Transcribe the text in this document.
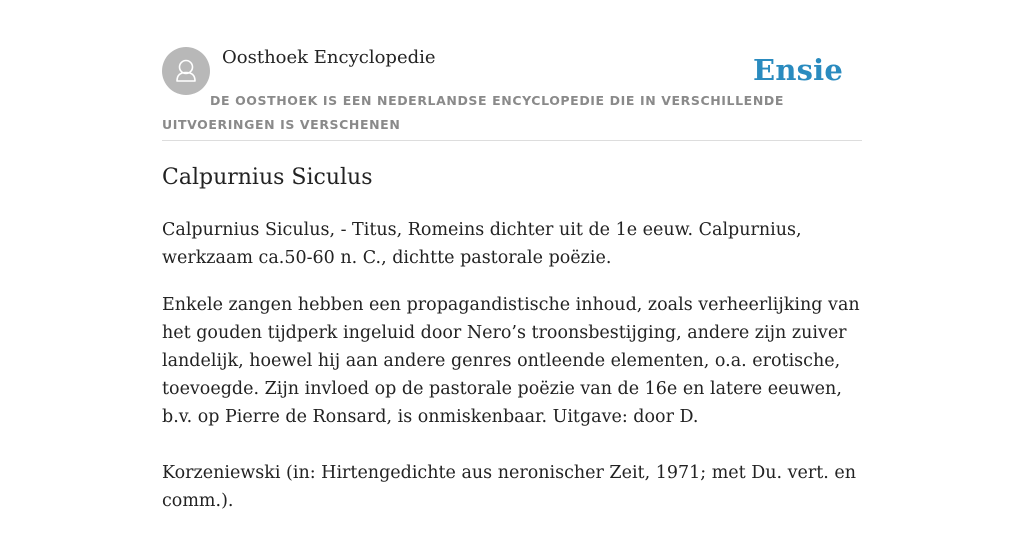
Oosthoek Encyclopedie	Ensie
DE OOSTHOEK IS EEN NEDERLANDSE ENCYCLOPEDIE DIE IN VERSCHILLENDE UITVOERINGEN IS VERSCHENEN
Calpurnius Siculus

Calpurnius Siculus, - Titus, Romeins dichter uit de 1e eeuw. Calpurnius, werkzaam ca.50-60 n. C., dichtte pastorale poëzie.

Enkele zangen hebben een propagandistische inhoud, zoals verheerlijking van het gouden tijdperk ingeluid door Nero’s troonsbestijging, andere zijn zuiver landelijk, hoewel hij aan andere genres ontleende elementen, o.a. erotische, toevoegde. Zijn invloed op de pastorale poëzie van de 16e en latere eeuwen, b.v. op Pierre de Ronsard, is onmiskenbaar. Uitgave: door D.

Korzeniewski (in: Hirtengedichte aus neronischer Zeit, 1971; met Du. vert. en comm.).
